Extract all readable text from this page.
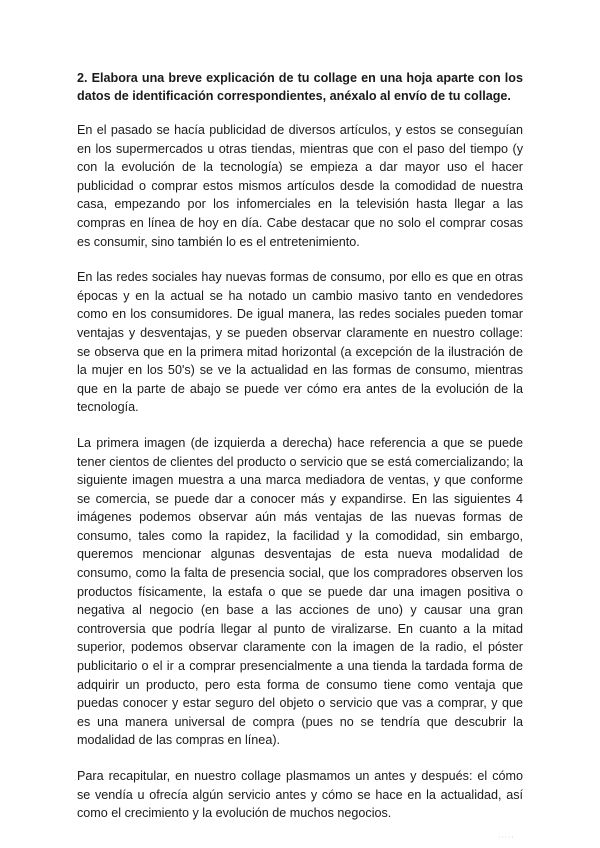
2. Elabora una breve explicación de tu collage en una hoja aparte con los datos de identificación correspondientes, anéxalo al envío de tu collage.

En el pasado se hacía publicidad de diversos artículos, y estos se conseguían en los supermercados u otras tiendas, mientras que con el paso del tiempo (y con la evolución de la tecnología) se empieza a dar mayor uso el hacer publicidad o comprar estos mismos artículos desde la comodidad de nuestra casa, empezando por los infomerciales en la televisión hasta llegar a las compras en línea de hoy en día. Cabe destacar que no solo el comprar cosas es consumir, sino también lo es el entretenimiento.

En las redes sociales hay nuevas formas de consumo, por ello es que en otras épocas y en la actual se ha notado un cambio masivo tanto en vendedores como en los consumidores. De igual manera, las redes sociales pueden tomar ventajas y desventajas, y se pueden observar claramente en nuestro collage: se observa que en la primera mitad horizontal (a excepción de la ilustración de la mujer en los 50's) se ve la actualidad en las formas de consumo, mientras que en la parte de abajo se puede ver cómo era antes de la evolución de la tecnología.

La primera imagen (de izquierda a derecha) hace referencia a que se puede tener cientos de clientes del producto o servicio que se está comercializando; la siguiente imagen muestra a una marca mediadora de ventas, y que conforme se comercia, se puede dar a conocer más y expandirse. En las siguientes 4 imágenes podemos observar aún más ventajas de las nuevas formas de consumo, tales como la rapidez, la facilidad y la comodidad, sin embargo, queremos mencionar algunas desventajas de esta nueva modalidad de consumo, como la falta de presencia social, que los compradores observen los productos físicamente, la estafa o que se puede dar una imagen positiva o negativa al negocio (en base a las acciones de uno) y causar una gran controversia que podría llegar al punto de viralizarse. En cuanto a la mitad superior, podemos observar claramente con la imagen de la radio, el póster publicitario o el ir a comprar presencialmente a una tienda la tardada forma de adquirir un producto, pero esta forma de consumo tiene como ventaja que puedas conocer y estar seguro del objeto o servicio que vas a comprar, y que es una manera universal de compra (pues no se tendría que descubrir la modalidad de las compras en línea).

Para recapitular, en nuestro collage plasmamos un antes y después: el cómo se vendía u ofrecía algún servicio antes y cómo se hace en la actualidad, así como el crecimiento y la evolución de muchos negocios.

·····
